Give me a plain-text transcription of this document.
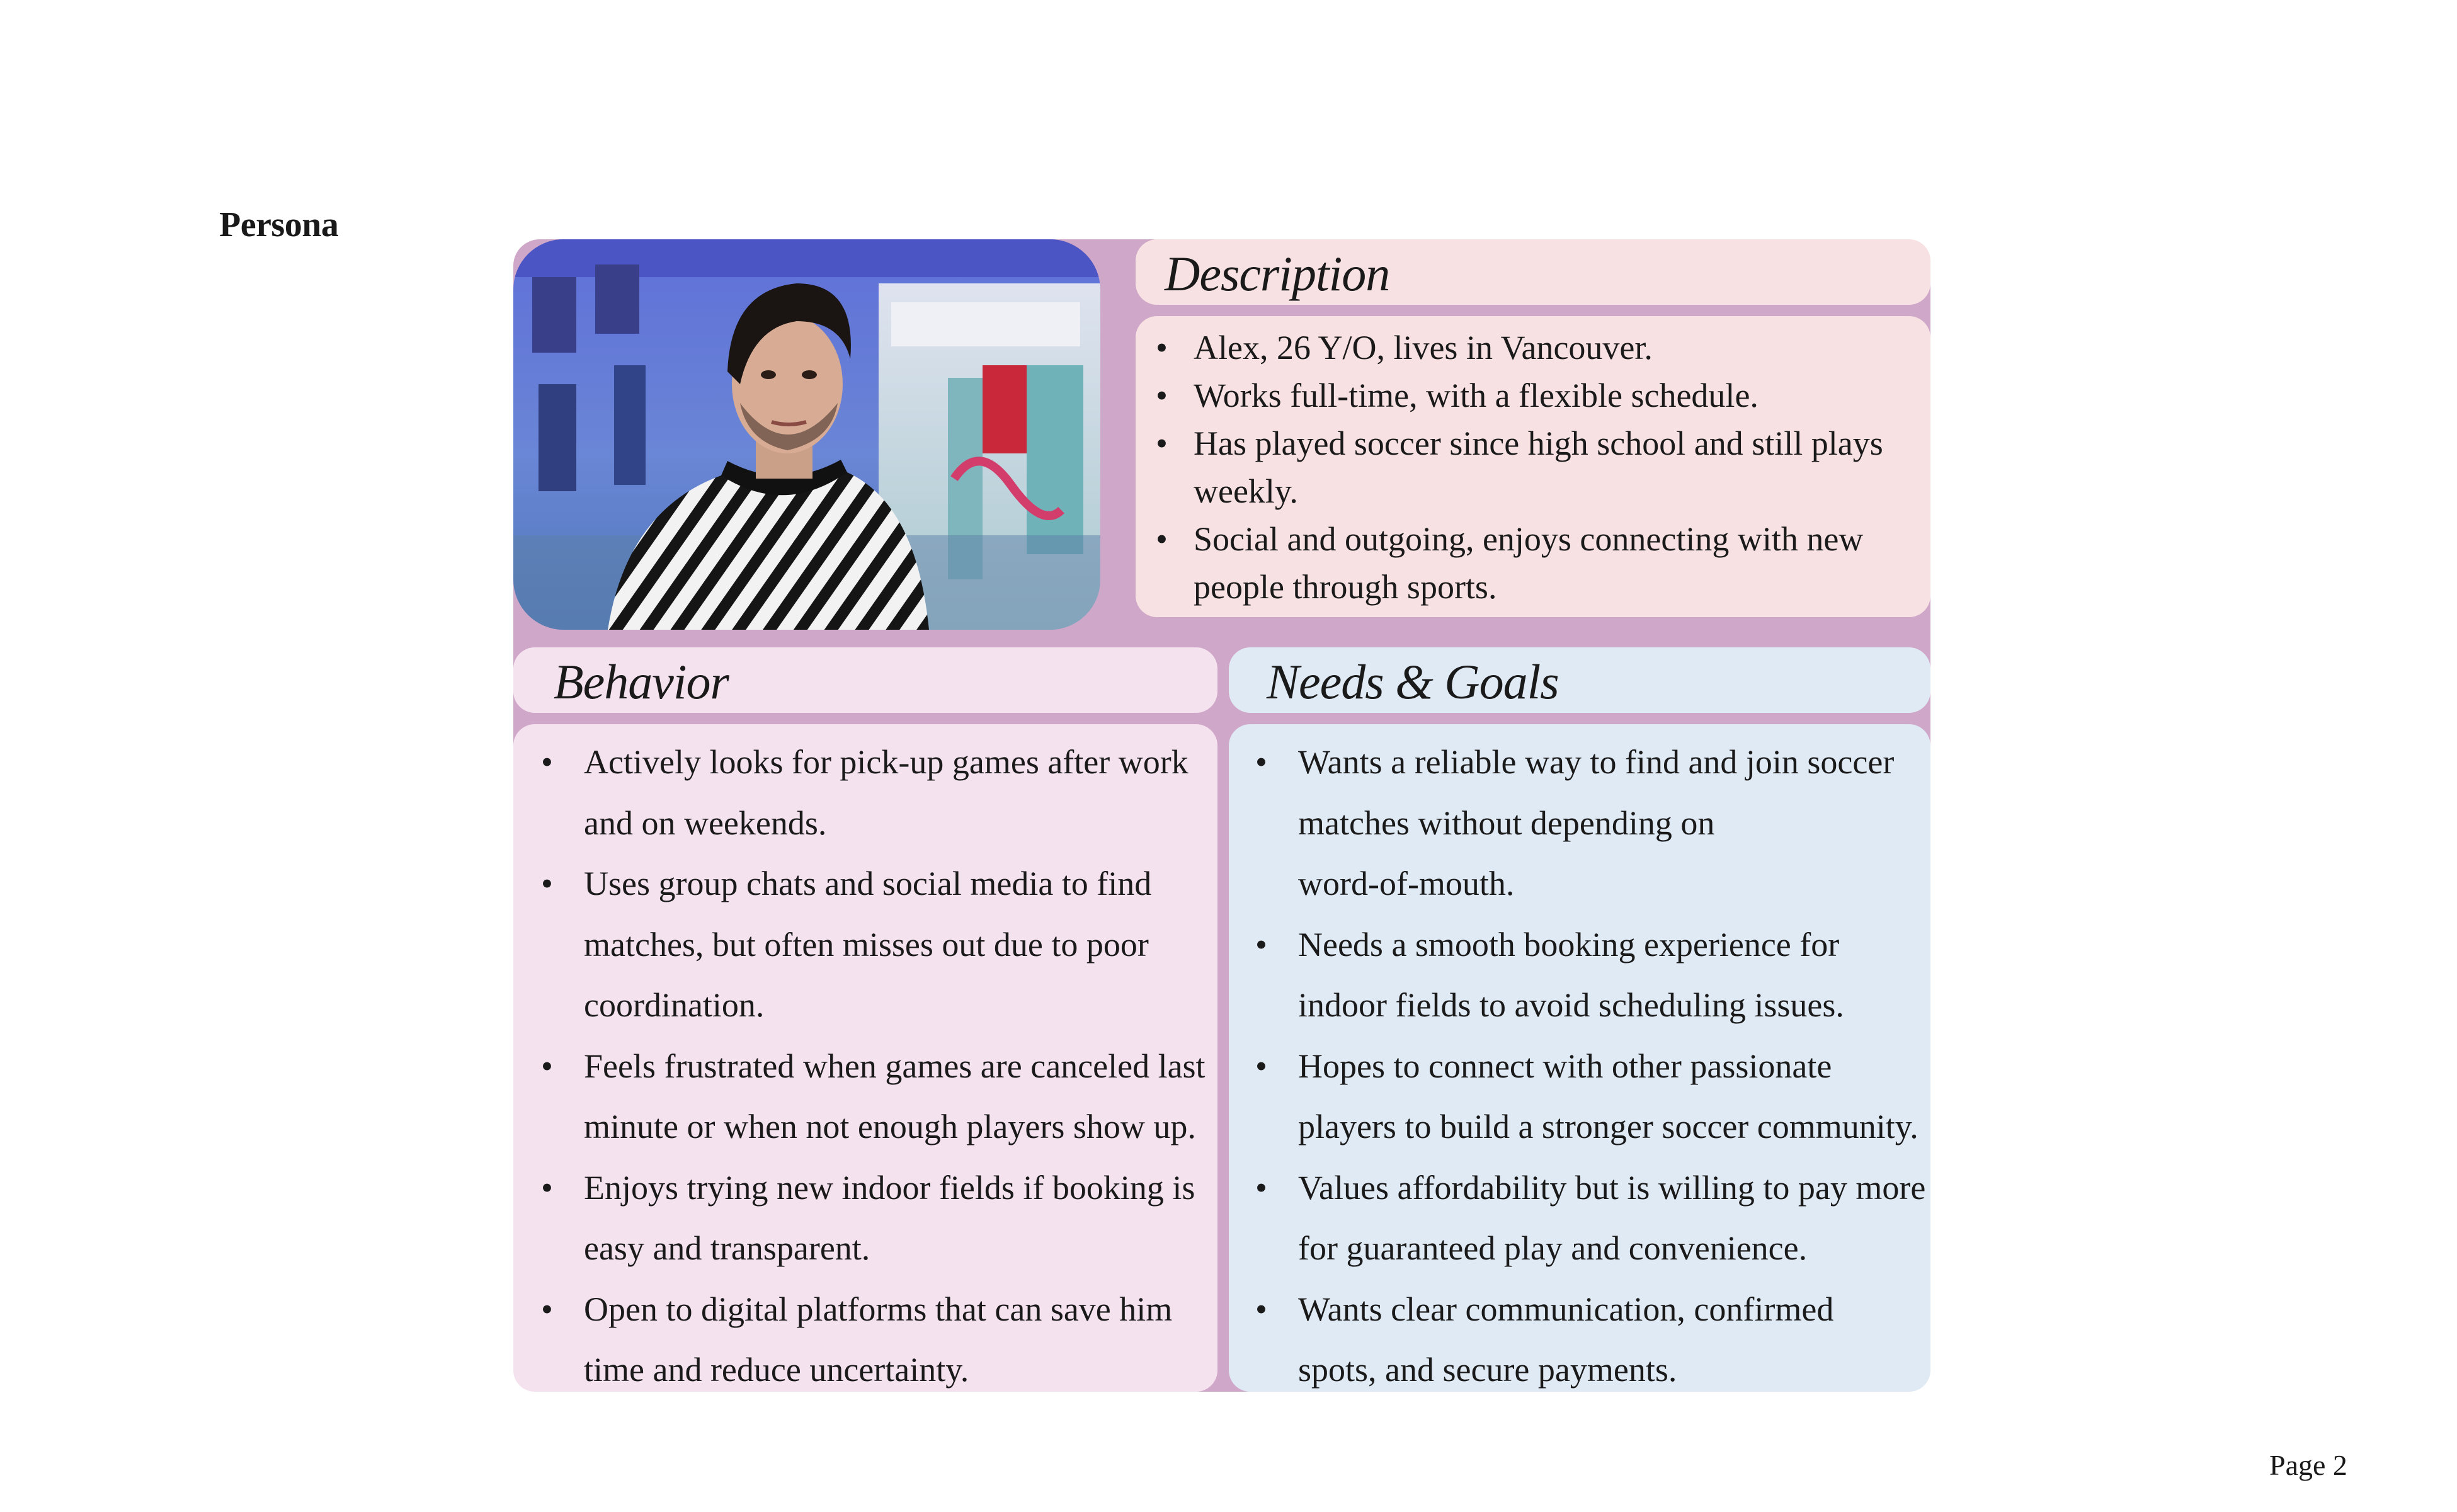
Persona
Description
• Alex, 26 Y/O, lives in Vancouver.
• Works full-time, with a flexible schedule.
• Has played soccer since high school and still plays
weekly.
• Social and outgoing, enjoys connecting with new
people through sports.
Behavior
• Actively looks for pick-up games after work
and on weekends.
• Uses group chats and social media to find
matches, but often misses out due to poor
coordination.
• Feels frustrated when games are canceled last
minute or when not enough players show up.
• Enjoys trying new indoor fields if booking is
easy and transparent.
• Open to digital platforms that can save him
time and reduce uncertainty.
Needs & Goals
• Wants a reliable way to find and join soccer
matches without depending on
word-of-mouth.
• Needs a smooth booking experience for
indoor fields to avoid scheduling issues.
• Hopes to connect with other passionate
players to build a stronger soccer community.
• Values affordability but is willing to pay more
for guaranteed play and convenience.
• Wants clear communication, confirmed
spots, and secure payments.
Page 2
